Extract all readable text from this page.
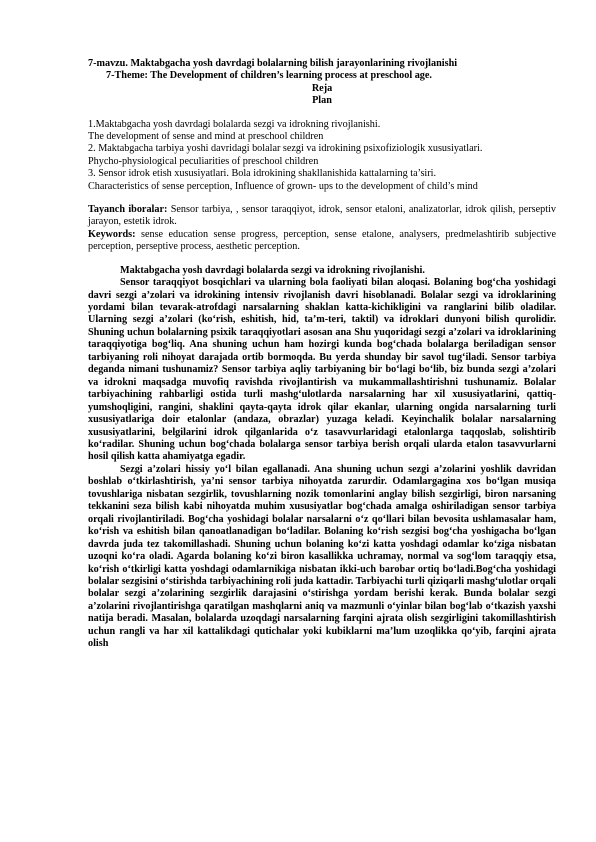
7-mavzu. Maktabgacha yosh davrdagi bolalarning bilish jarayonlarining rivojlanishi
7-Theme: The Development of children’s learning process at preschool age.
Reja
Plan
1.Maktabgacha yosh davrdagi bolalarda sezgi va idrokning rivojlanishi.
The development of sense and mind at preschool children
2. Maktabgacha tarbiya yoshi davridagi bolalar sezgi va idrokining psixofiziologik xususiyatlari.
Phycho-physiological peculiarities of preschool children
3. Sensor idrok etish xususiyatlari. Bola idrokining shakllanishida kattalarning ta’siri.
Characteristics of sense perception, Influence of grown- ups to the development of child’s mind
Tayanch iboralar: Sensor tarbiya, , sensor taraqqiyot, idrok, sensor etaloni, analizatorlar, idrok qilish, perseptiv jarayon, estetik idrok.
Keywords: sense education sense progress, perception, sense etalone, analysers, predmelashtirib subjective perception, perseptive process, aesthetic perception.
Maktabgacha yosh davrdagi bolalarda sezgi va idrokning rivojlanishi.

Sensor taraqqiyot bosqichlari va ularning bola faoliyati bilan aloqasi. Bolaning bog‘cha yoshidagi davri sezgi a’zolari va idrokining intensiv rivojlanish davri hisoblanadi. Bolalar sezgi va idroklarining yordami bilan tevarak-atrofdagi narsalarning shaklan katta-kichikligini va ranglarini bilib oladilar. Ularning sezgi a’zolari (ko‘rish, eshitish, hid, ta’m-teri, taktil) va idroklari dunyoni bilish qurolidir. Shuning uchun bolalarning psixik taraqqiyotlari asosan ana Shu yuqoridagi sezgi a’zolari va idroklarining taraqqiyotiga bog‘liq. Ana shuning uchun ham hozirgi kunda bog‘chada bolalarga beriladigan sensor tarbiyaning roli nihoyat darajada ortib bormoqda. Bu yerda shunday bir savol tug‘iladi. Sensor tarbiya deganda nimani tushunamiz? Sensor tarbiya aqliy tarbiyaning bir bo‘lagi bo‘lib, biz bunda sezgi a’zolari va idrokni maqsadga muvofiq ravishda rivojlantirish va mukammallashtirishni tushunamiz. Bolalar tarbiyachining rahbarligi ostida turli mashg‘ulotlarda narsalarning har xil xususiyatlarini, qattiq-yumshoqligini, rangini, shaklini qayta-qayta idrok qilar ekanlar, ularning ongida narsalarning turli xususiyatlariga doir etalonlar (andaza, obrazlar) yuzaga keladi. Keyinchalik bolalar narsalarning xususiyatlarini, belgilarini idrok qilganlarida o‘z tasavvurlaridagi etalonlarga taqqoslab, solishtirib ko‘radilar. Shuning uchun bog‘chada bolalarga sensor tarbiya berish orqali ularda etalon tasavvurlarni hosil qilish katta ahamiyatga egadir.

Sezgi a’zolari hissiy yo‘l bilan egallanadi. Ana shuning uchun sezgi a’zolarini yoshlik davridan boshlab o‘tkirlashtirish, ya’ni sensor tarbiya nihoyatda zarurdir. Odamlargagina xos bo‘lgan musiqa tovushlariga nisbatan sezgirlik, tovushlarning nozik tomonlarini anglay bilish sezgirligi, biron narsaning tekkanini seza bilish kabi nihoyatda muhim xususiyatlar bog‘chada amalga oshiriladigan sensor tarbiya orqali rivojlantiriladi. Bog‘cha yoshidagi bolalar narsalarni o‘z qo‘llari bilan bevosita ushlamasalar ham, ko‘rish va eshitish bilan qanoatlanadigan bo‘ladilar. Bolaning ko‘rish sezgisi bog‘cha yoshigacha bo‘lgan davrda juda tez takomillashadi. Shuning uchun bolaning ko‘zi katta yoshdagi odamlar ko‘ziga nisbatan uzoqni ko‘ra oladi. Agarda bolaning ko‘zi biron kasallikka uchramay, normal va sog‘lom taraqqiy etsa, ko‘rish o‘tkirligi katta yoshdagi odamlarnikiga nisbatan ikki-uch barobar ortiq bo‘ladi.Bog‘cha yoshidagi bolalar sezgisini o‘stirishda tarbiyachining roli juda kattadir. Tarbiyachi turli qiziqarli mashg‘ulotlar orqali bolalar sezgi a’zolarining sezgirlik darajasini o‘stirishga yordam berishi kerak. Bunda bolalar sezgi a’zolarini rivojlantirishga qaratilgan mashqlarni aniq va mazmunli o‘yinlar bilan bog‘lab o‘tkazish yaxshi natija beradi. Masalan, bolalarda uzoqdagi narsalarning farqini ajrata olish sezgirligini takomillashtirish uchun rangli va har xil kattalikdagi qutichalar yoki kubiklarni ma’lum uzoqlikka qo‘yib, farqini ajrata olish
